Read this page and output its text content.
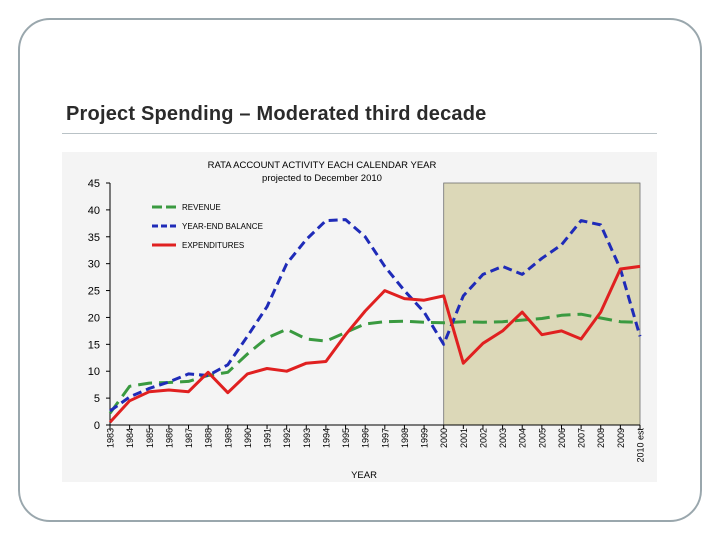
Project Spending – Moderated third decade
0
5
10
15
20
25
30
35
40
45
1983 1984 1985 1986 1987 1988 1989 1990 1991 1992 1993 1994 1995 1996 1997 1998 1999 2000 2001 2002 2003 2004 2005 2006 2007 2008 2009 2010 est
RATA ACCOUNT ACTIVITY EACH CALENDAR YEAR
projected to December 2010
YEAR
REVENUE
YEAR-END BALANCE
EXPENDITURES
